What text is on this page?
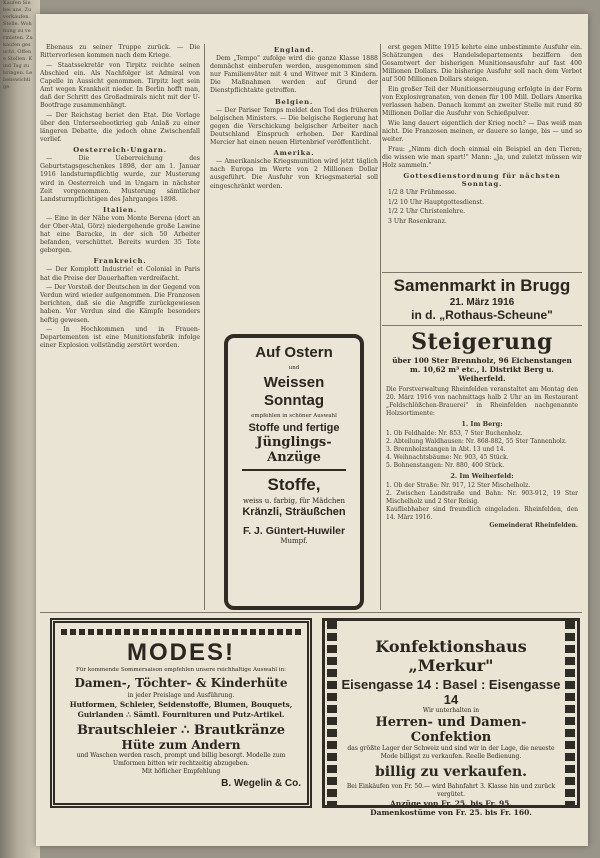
Kaufen Sie bei uns. Zu verkaufen. Stelle. Wohnung zu vermieten. Zu kaufen gesucht. Offene Stellen. Kind Tag zu bringen. Lebenswichtige.

Ebenaus zu seiner Truppe zurück. — Die Rittervorlesen kommen nach dem Kriege.

— Staatssekretär von Tirpitz reichte seinen Abschied ein. Als Nachfolger ist Admiral von Capelle in Aussicht genommen. Tirpitz legt sein Amt wegen Krankheit nieder. In Berlin hofft man, daß der Schritt des Großadmirals nicht mit der U-Bootfrage zusammenhängt.

— Der Reichstag beriet den Etat. Die Vorlage über den Unterseebootkrieg gab Anlaß zu einer längeren Debatte, die jedoch ohne Zwischenfall verlief.

Oesterreich-Ungarn.

— Die Ueberreichung des Geburtstagsgeschenkes 1898, der am 1. Januar 1916 landsturmpflichtig wurde, zur Musterung wird in Oesterreich und in Ungarn in nächster Zeit vorgenommen. Musterung sämtlicher Landsturmpflichtigen des Jahrganges 1898.

Italien.

— Eine in der Nähe vom Monte Berena (dort an der Ober-Atal, Görz) niedergehende große Lawine hat eine Baracke, in der sich 50 Arbeiter befanden, verschüttet. Bereits wurden 35 Tote geborgen.

Frankreich.

— Der Komplott Industrie! et Colonial in Paris hat die Preise der Dauerhaften verdreifacht.

— Der Vorstoß der Deutschen in der Gegend von Verdun wird wieder aufgenommen. Die Franzosen berichten, daß sie die Angriffe zurückgewiesen haben. Vor Verdun sind die Kämpfe besonders heftig gewesen.

— In Hochkommen und in Frauen-Departementen ist eine Munitionsfabrik infolge einer Explosion vollständig zerstört worden.

England.

Dem „Tempo" zufolge wird die ganze Klasse 1888 demnächst einberufen werden, ausgenommen sind nur Familienväter mit 4 und Witwer mit 3 Kindern. Die Maßnahmen werden auf Grund der Dienstpflichtakte getroffen.

Belgien.

— Der Pariser Temps meldet den Tod des früheren belgischen Ministers. — Die belgische Regierung hat gegen die Verschickung belgischer Arbeiter nach Deutschland Einspruch erhoben. Der Kardinal Mercier hat einen neuen Hirtenbrief veröffentlicht.

Amerika.

— Amerikanische Kriegsmunition wird jetzt täglich nach Europa im Werte von 2 Millionen Dollar ausgeführt. Die Ausfuhr von Kriegsmaterial soll eingeschränkt werden.

erst gegen Mitte 1915 kehrte eine unbestimmte Ausfuhr ein. Schätzungen des Handelsdepartements beziffern den Gesamtwert der bisherigen Munitionsausfuhr auf fast 400 Millionen Dollars. Die bisherige Ausfuhr soll nach dem Verbot auf 500 Millionen Dollars steigen.

Ein großer Teil der Munitionserzeugung erfolgte in der Form von Explosivgranaten, von denen für 100 Mill. Dollars Amerika verlassen haben. Danach kommt an zweiter Stelle mit rund 80 Millionen Dollar die Ausfuhr von Schießpulver.

Wie lang dauert eigentlich der Krieg noch? — Das weiß man nicht. Die Franzosen meinen, er dauere so lange, bis — und so weiter.

Frau: „Nimm dich doch einmal ein Beispiel an den Tieren; die wissen wie man spart!" Mann: „Ja, und zuletzt müssen wir Holz sammeln."

Gottesdienstordnung für nächsten Sonntag.

1/2 8 Uhr Frühmesse.

1/2 10 Uhr Hauptgottesdienst.

1/2 2 Uhr Christenlehre.

3 Uhr Rosenkranz.

Auf Ostern
und
Weissen Sonntag
empfehlen in schöner Auswahl
Stoffe und fertige
Jünglings-Anzüge
Stoffe,
weiss u. farbig, für Mädchen
Kränzli, Sträußchen
F. J. Güntert-Huwiler
Mumpf.
Samenmarkt in Brugg
21. März 1916
in d. „Rothaus-Scheune"
Steigerung
über 100 Ster Brennholz, 96 Eichenstangen m. 10,62 m³ etc., l. Distrikt Berg u. Weiherfeld.
Die Forstverwaltung Rheinfelden veranstaltet am Montag den 20. März 1916 von nachmittags halb 2 Uhr an im Restaurant „Feldschlößchen-Brauerei" in Rheinfelden nachgenannte Holzsortimente:
1. Im Berg:
1. Ob Feldhalde: Nr. 853, 7 Ster Buchenholz.
2. Abteilung Waldhausen: Nr. 868-882, 55 Ster Tannenholz.
3. Brennholzstangen in Abt. 13 und 14.
4. Weihnachtsbäume: Nr. 903, 45 Stück.
5. Bohnenstangen: Nr. 880, 400 Stück.
2. Im Weiherfeld:
1. Ob der Straße: Nr. 917, 12 Ster Mischelholz.
2. Zwischen Landstraße und Bahn: Nr. 903-912, 19 Ster Mischelholz und 2 Ster Reisig.
Kaufliebhaber sind freundlich eingeladen. Rheinfelden, den 14. März 1916.
Gemeinderat Rheinfelden.
MODES!
Für kommende Sommersaison empfehlen unsere reichhaltige Auswahl in:
Damen-, Töchter- & Kinderhüte
in jeder Preislage und Ausführung.
Hutformen, Schleier, Seidenstoffe, Blumen, Bouquets, Guirlanden ∴ Sämtl. Fournituren und Putz-Artikel.
Brautschleier ∴ Brautkränze
Hüte zum Andern
und Waschen werden rasch, prompt und billig besorgt. Modelle zum Umformen bitten wir rechtzeitig abzugeben.
Mit höflicher Empfehlung
B. Wegelin & Co.
Konfektionshaus „Merkur"
Eisengasse 14 : Basel : Eisengasse 14
Wir unterhalten in
Herren- und Damen-Confektion
das größte Lager der Schweiz und sind wir in der Lage, die neueste Mode billigst zu verkaufen. Reelle Bedienung.
billig zu verkaufen.
Bei Einkäufen von Fr. 50.— wird Bahnfahrt 3. Klasse hin und zurück vergütet.
Anzüge von Fr. 25. bis Fr. 95.
Damenkostüme von Fr. 25. bis Fr. 160.
